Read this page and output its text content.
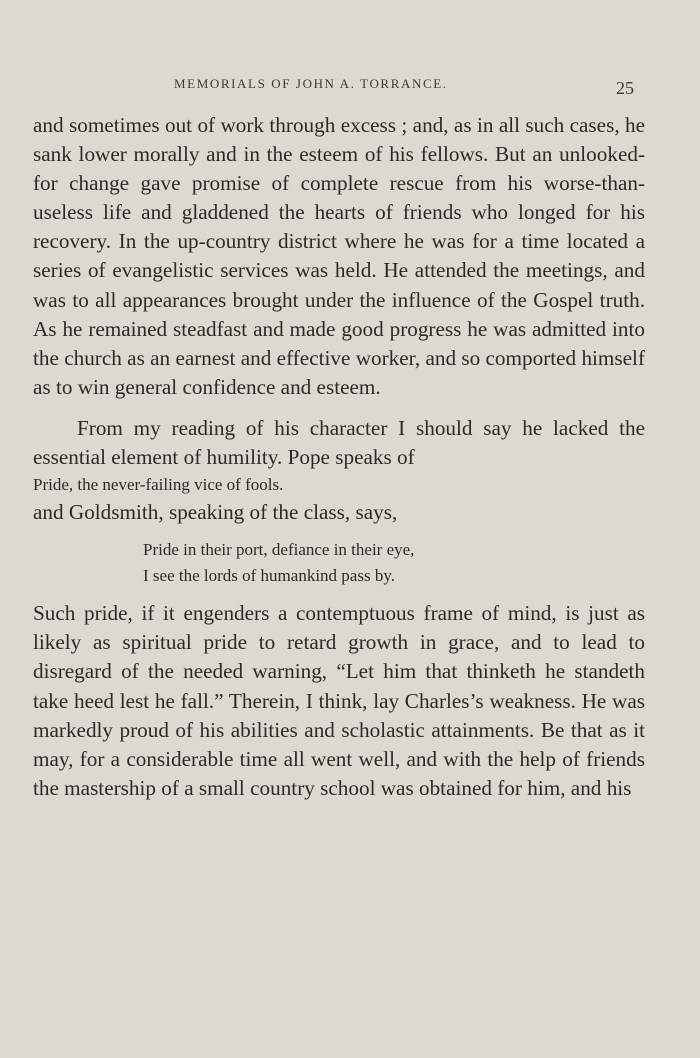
MEMORIALS OF JOHN A. TORRANCE.	25

and sometimes out of work through excess ; and, as in all such cases, he sank lower morally and in the esteem of his fellows. But an unlooked-for change gave promise of complete rescue from his worse-than-useless life and gladdened the hearts of friends who longed for his recovery. In the up-country district where he was for a time located a series of evangelistic services was held. He attended the meetings, and was to all appearances brought under the influence of the Gospel truth. As he remained steadfast and made good progress he was admitted into the church as an earnest and effective worker, and so comported himself as to win general confidence and esteem.

From my reading of his character I should say he lacked the essential element of humility. Pope speaks of

Pride, the never-failing vice of fools.

and Goldsmith, speaking of the class, says,

Pride in their port, defiance in their eye,
I see the lords of humankind pass by.

Such pride, if it engenders a contemptuous frame of mind, is just as likely as spiritual pride to retard growth in grace, and to lead to disregard of the needed warning, “Let him that thinketh he standeth take heed lest he fall.” Therein, I think, lay Charles’s weakness. He was markedly proud of his abilities and scholastic attainments. Be that as it may, for a considerable time all went well, and with the help of friends the mastership of a small country school was obtained for him, and his
